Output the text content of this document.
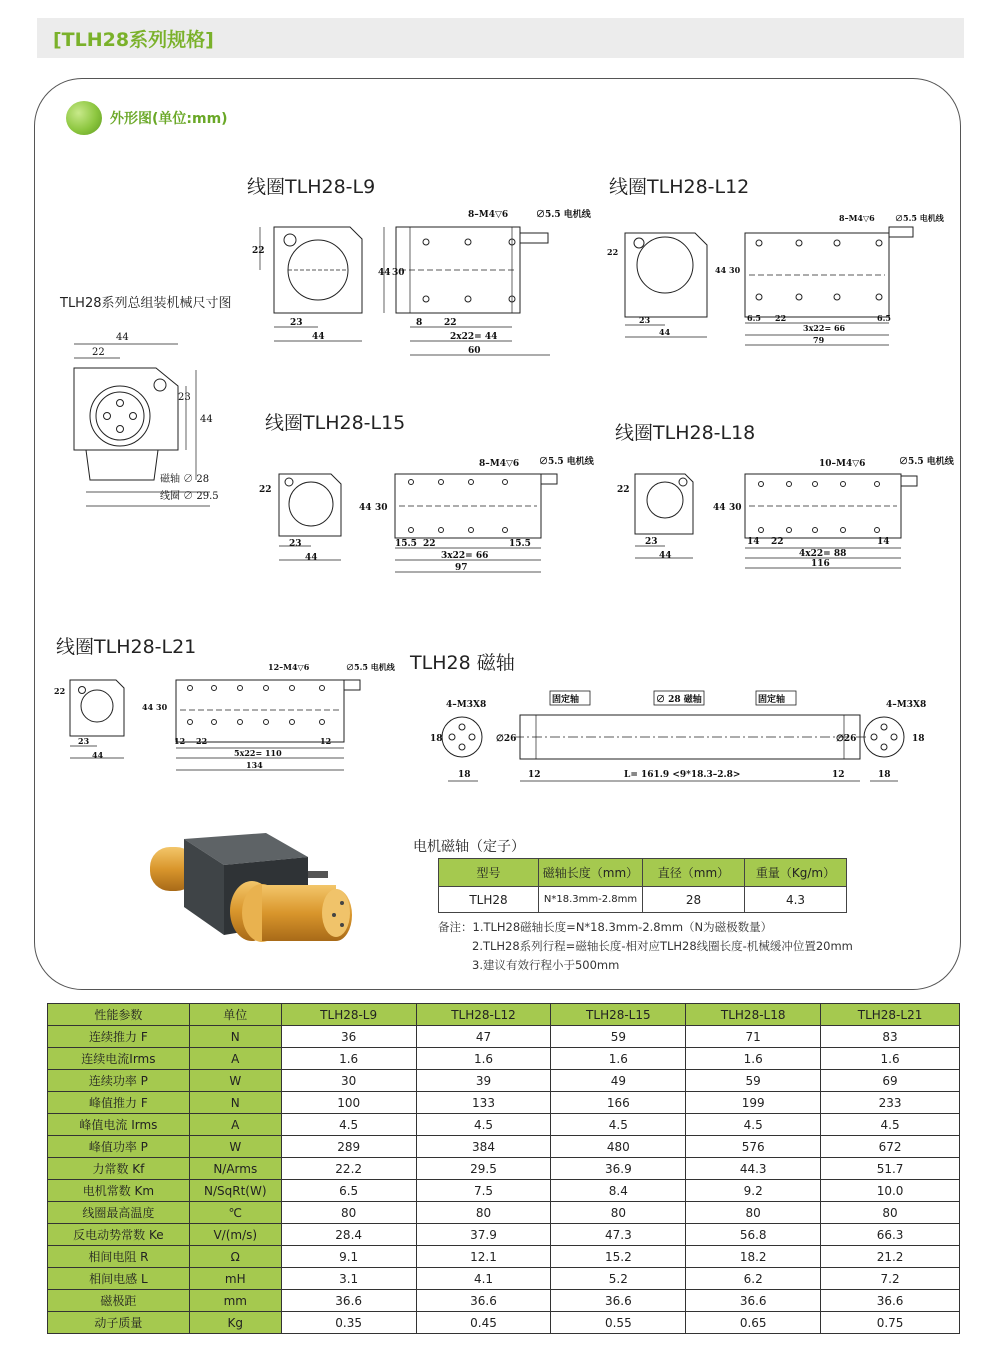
[TLH28系列规格]
外形图(单位:mm)
TLH28系列总组装机械尺寸图
44
22
44
23
磁轴 ∅ 28
线圈 ∅ 29.5
线圈TLH28-L9
8–M4▽6	∅5.5 电机线
22
23
44
44 30
8 22
2x22= 44
60
线圈TLH28-L12
8–M4▽6	∅5.5 电机线
22
23
44
44 30
6.5 22
3x22= 66
6.5
79
线圈TLH28-L15
8–M4▽6 ∅5.5 电机线
22
23
44
44 30
15.5 22
3x22= 66
15.5
97
线圈TLH28-L18
10–M4▽6	∅5.5 电机线
22
23
44
44 30
14 22
4x22= 88
14
116
线圈TLH28-L21
12–M4▽6	∅5.5 电机线
22
23
44
44 30
12 22
5x22= 110
12
134
TLH28 磁轴
4–M3X8	4–M3X8
固定轴	∅ 28 磁轴	固定轴
18	∅26
18	12	L= 161.9 <9*18.3–2.8>	12
∅26	18
18
电机磁轴（定子）
型号	磁轴长度（mm）	直径（mm）	重量（Kg/m）
TLH28	N*18.3mm-2.8mm	28	4.3
备注：1.TLH28磁轴长度=N*18.3mm-2.8mm（N为磁极数量）
2.TLH28系列行程=磁轴长度-相对应TLH28线圈长度-机械缓冲位置20mm
3.建议有效行程小于500mm
性能参数	单位	TLH28-L9	TLH28-L12	TLH28-L15	TLH28-L18	TLH28-L21
连续推力 F	N	36	47	59	71	83
连续电流Irms	A	1.6	1.6	1.6	1.6	1.6
连续功率 P	W	30	39	49	59	69
峰值推力 F	N	100	133	166	199	233
峰值电流 Irms	A	4.5	4.5	4.5	4.5	4.5
峰值功率 P	W	289	384	480	576	672
力常数 Kf	N/Arms	22.2	29.5	36.9	44.3	51.7
电机常数 Km	N/SqRt(W)	6.5	7.5	8.4	9.2	10.0
线圈最高温度	℃	80	80	80	80	80
反电动势常数 Ke	V/(m/s)	28.4	37.9	47.3	56.8	66.3
相间电阻 R	Ω	9.1	12.1	15.2	18.2	21.2
相间电感 L	mH	3.1	4.1	5.2	6.2	7.2
磁极距	mm	36.6	36.6	36.6	36.6	36.6
动子质量	Kg	0.35	0.45	0.55	0.65	0.75
